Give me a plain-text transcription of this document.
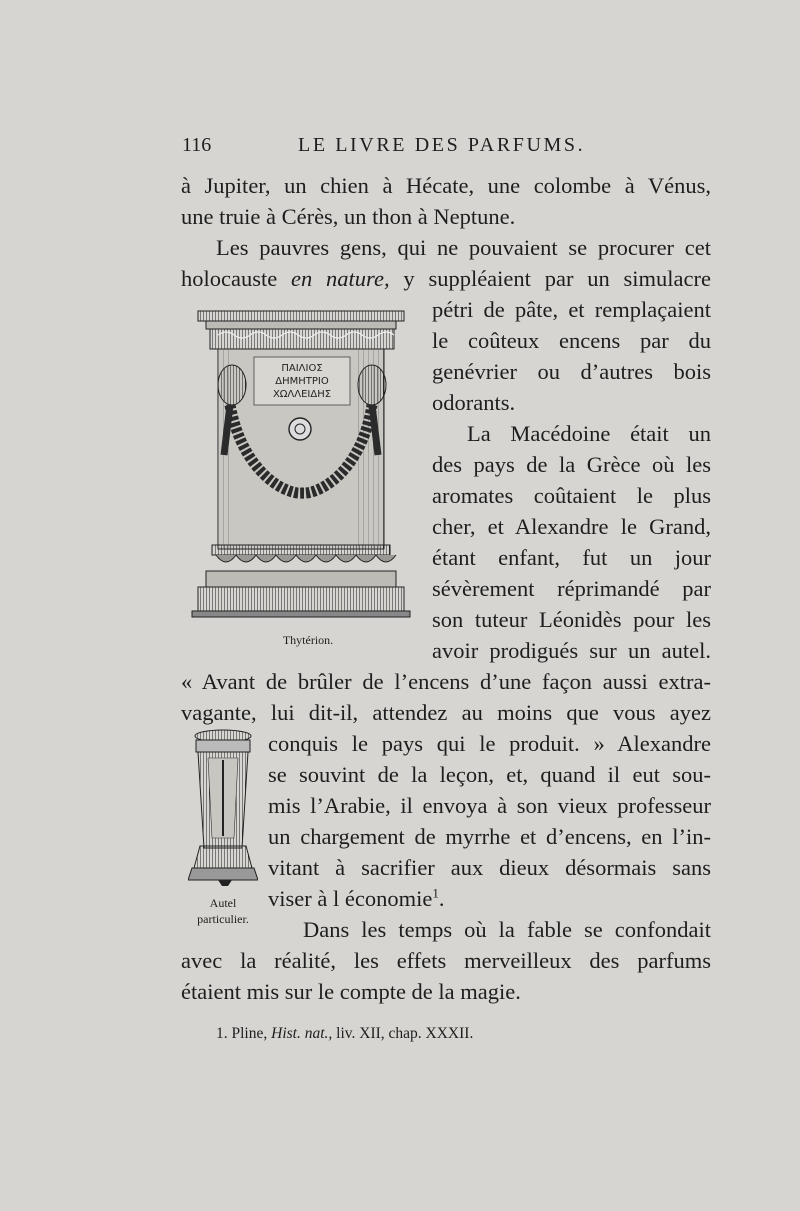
116	LE LIVRE DES PARFUMS.
à Jupiter, un chien à Hécate, une colombe à Vénus,
une truie à Cérès, un thon à Neptune.
Les pauvres gens, qui ne pouvaient se procurer cet
holocauste en nature, y suppléaient par un simulacre
pétri de pâte, et remplaçaient
le coûteux encens par du
genévrier ou d’autres bois
odorants.
La Macédoine était un
des pays de la Grèce où les
aromates coûtaient le plus
cher, et Alexandre le Grand,
étant enfant, fut un jour
sévèrement réprimandé par
son tuteur Léonidès pour les
avoir prodigués sur un autel.
« Avant de brûler de l’encens d’une façon aussi extra-
vagante, lui dit-il, attendez au moins que vous ayez
conquis le pays qui le produit. » Alexandre
se souvint de la leçon, et, quand il eut sou-
mis l’Arabie, il envoya à son vieux professeur
un chargement de myrrhe et d’encens, en l’in-
vitant à sacrifier aux dieux désormais sans
viser à l économie$^1$.
Dans les temps où la fable se confondait
avec la réalité, les effets merveilleux des parfums
étaient mis sur le compte de la magie.
ΠΑΙΛΙΟΣ
ΔΗΜΗΤΡΙΟ
ΧΩΛΛΕΙΔΗΣ
Thytérion.
Autel
particulier.
1. Pline, Hist. nat., liv. XII, chap. XXXII.
